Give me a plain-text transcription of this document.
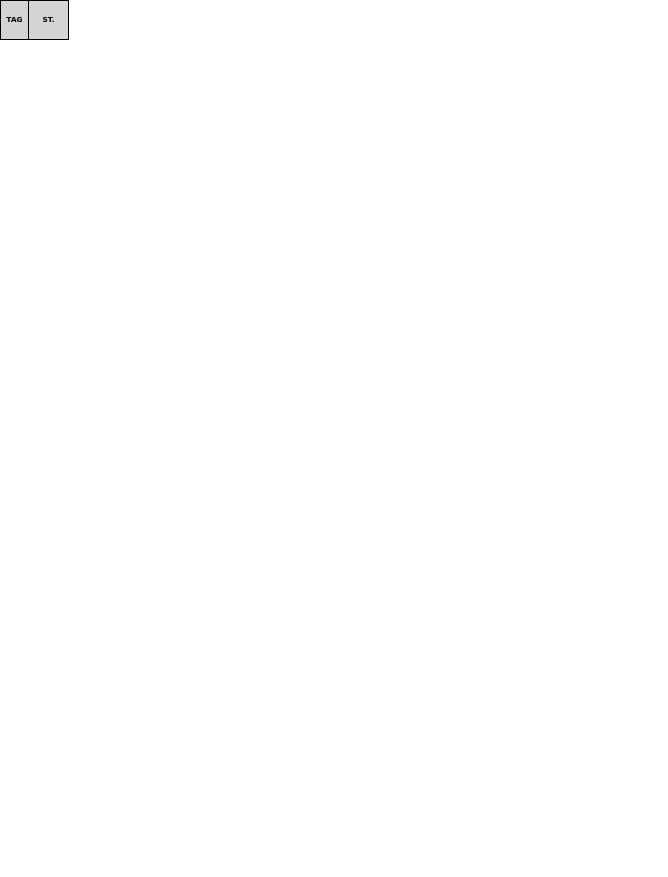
TAG	ST.
